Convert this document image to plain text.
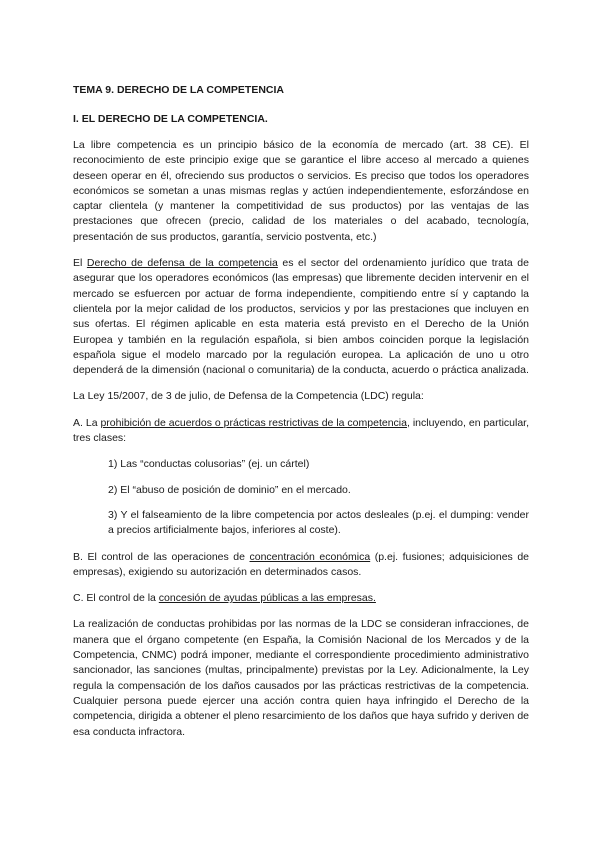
TEMA 9. DERECHO DE LA COMPETENCIA
I. EL DERECHO DE LA COMPETENCIA.

La libre competencia es un principio básico de la economía de mercado (art. 38 CE). El reconocimiento de este principio exige que se garantice el libre acceso al mercado a quienes deseen operar en él, ofreciendo sus productos o servicios. Es preciso que todos los operadores económicos se sometan a unas mismas reglas y actúen independientemente, esforzándose en captar clientela (y mantener la competitividad de sus productos) por las ventajas de las prestaciones que ofrecen (precio, calidad de los materiales o del acabado, tecnología, presentación de sus productos, garantía, servicio postventa, etc.)

El Derecho de defensa de la competencia es el sector del ordenamiento jurídico que trata de asegurar que los operadores económicos (las empresas) que libremente deciden intervenir en el mercado se esfuercen por actuar de forma independiente, compitiendo entre sí y captando la clientela por la mejor calidad de los productos, servicios y por las prestaciones que incluyen en sus ofertas. El régimen aplicable en esta materia está previsto en el Derecho de la Unión Europea y también en la regulación española, si bien ambos coinciden porque la legislación española sigue el modelo marcado por la regulación europea. La aplicación de uno u otro dependerá de la dimensión (nacional o comunitaria) de la conducta, acuerdo o práctica analizada.

La Ley 15/2007, de 3 de julio, de Defensa de la Competencia (LDC) regula:

A. La prohibición de acuerdos o prácticas restrictivas de la competencia, incluyendo, en particular, tres clases:

1) Las “conductas colusorias” (ej. un cártel)

2) El “abuso de posición de dominio” en el mercado.

3) Y el falseamiento de la libre competencia por actos desleales (p.ej. el dumping: vender a precios artificialmente bajos, inferiores al coste).

B. El control de las operaciones de concentración económica (p.ej. fusiones; adquisiciones de empresas), exigiendo su autorización en determinados casos.

C. El control de la concesión de ayudas públicas a las empresas.

La realización de conductas prohibidas por las normas de la LDC se consideran infracciones, de manera que el órgano competente (en España, la Comisión Nacional de los Mercados y de la Competencia, CNMC) podrá imponer, mediante el correspondiente procedimiento administrativo sancionador, las sanciones (multas, principalmente) previstas por la Ley. Adicionalmente, la Ley regula la compensación de los daños causados por las prácticas restrictivas de la competencia. Cualquier persona puede ejercer una acción contra quien haya infringido el Derecho de la competencia, dirigida a obtener el pleno resarcimiento de los daños que haya sufrido y deriven de esa conducta infractora.
